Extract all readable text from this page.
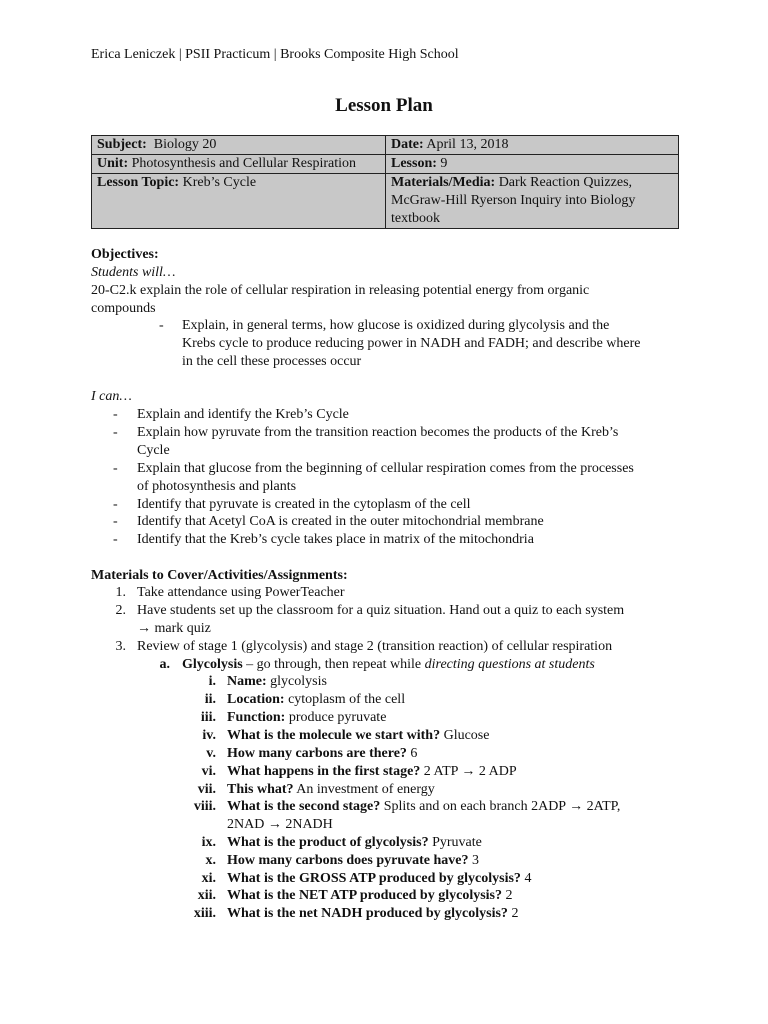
Erica Leniczek | PSII Practicum | Brooks Composite High School
Lesson Plan
Subject: Biology 20	Date: April 13, 2018
Unit: Photosynthesis and Cellular Respiration	Lesson: 9
Lesson Topic: Kreb’s Cycle	Materials/Media: Dark Reaction Quizzes,
McGraw-Hill Ryerson Inquiry into Biology
textbook
Objectives:
Students will…
20-C2.k explain the role of cellular respiration in releasing potential energy from organic
compounds
- Explain, in general terms, how glucose is oxidized during glycolysis and the
Krebs cycle to produce reducing power in NADH and FADH; and describe where
in the cell these processes occur
I can…
- Explain and identify the Kreb’s Cycle
- Explain how pyruvate from the transition reaction becomes the products of the Kreb’s
Cycle
- Explain that glucose from the beginning of cellular respiration comes from the processes
of photosynthesis and plants
- Identify that pyruvate is created in the cytoplasm of the cell
- Identify that Acetyl CoA is created in the outer mitochondrial membrane
- Identify that the Kreb’s cycle takes place in matrix of the mitochondria
Materials to Cover/Activities/Assignments:
1. Take attendance using PowerTeacher
2. Have students set up the classroom for a quiz situation. Hand out a quiz to each system
→ mark quiz
3. Review of stage 1 (glycolysis) and stage 2 (transition reaction) of cellular respiration
a. Glycolysis – go through, then repeat while directing questions at students
i. Name: glycolysis
ii. Location: cytoplasm of the cell
iii. Function: produce pyruvate
iv. What is the molecule we start with? Glucose
v. How many carbons are there? 6
vi. What happens in the first stage? 2 ATP → 2 ADP
vii. This what? An investment of energy
viii. What is the second stage? Splits and on each branch 2ADP → 2ATP,
ix. What is the product of glycolysis? Pyruvate
x. How many carbons does pyruvate have? 3
xi. What is the GROSS ATP produced by glycolysis? 4
xii. What is the NET ATP produced by glycolysis? 2
xiii. What is the net NADH produced by glycolysis? 2
2NAD → 2NADH
